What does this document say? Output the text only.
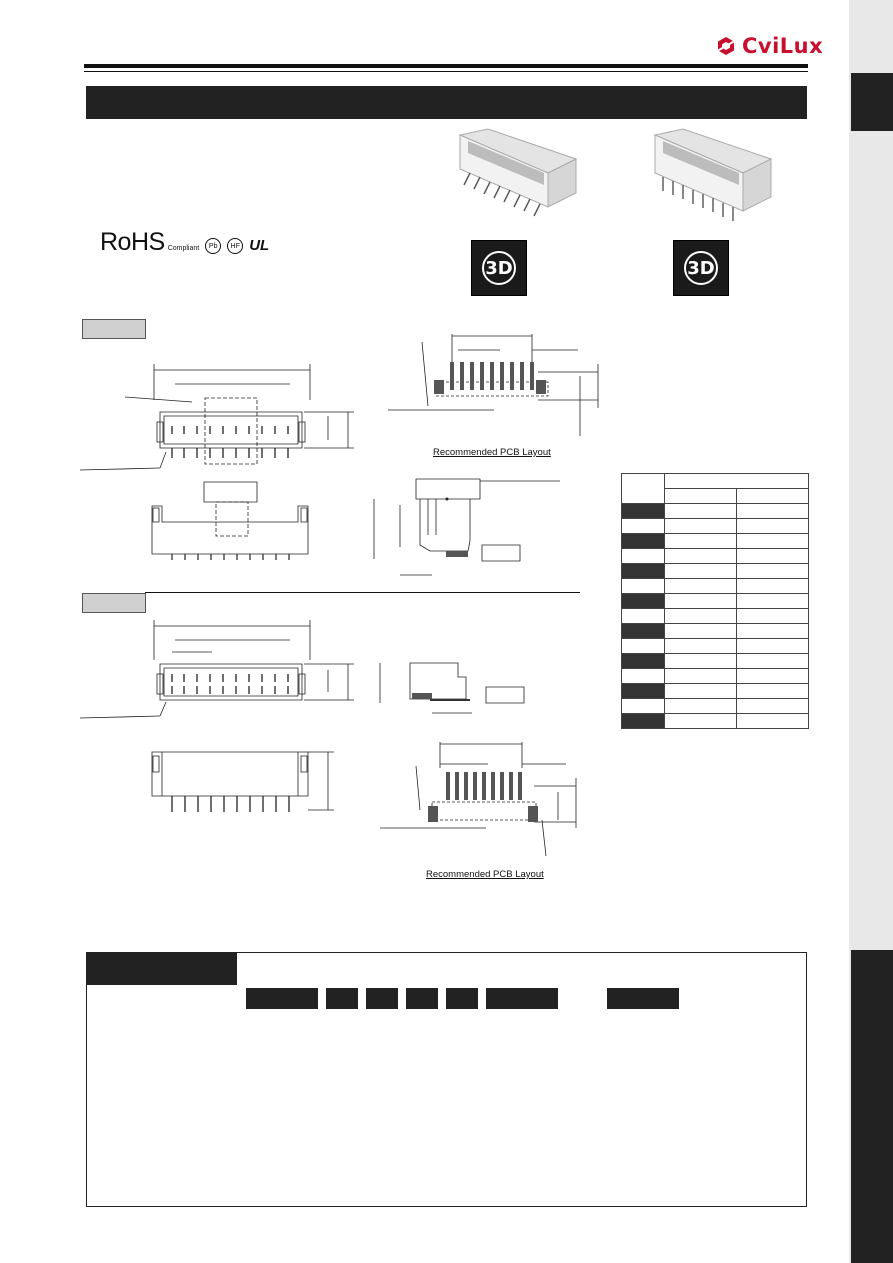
CviLux
RoHS Compliant	Pb	HF UL
3D	3D
Recommended PCB Layout

Recommended PCB Layout
